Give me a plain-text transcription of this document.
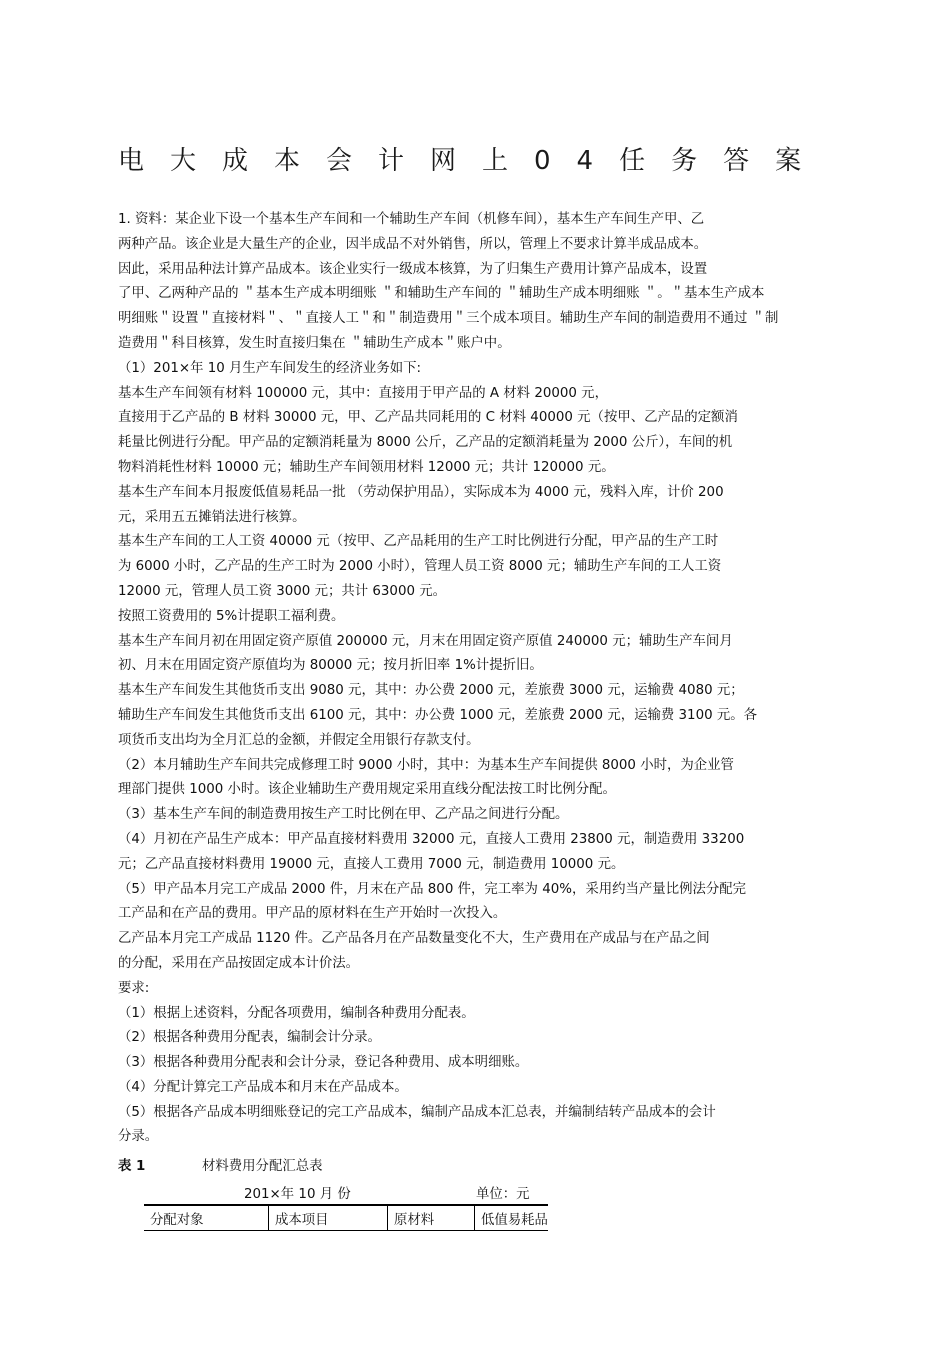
电大成本会计网上04任务答案
1. 资料：某企业下设一个基本生产车间和一个辅助生产车间（机修车间），基本生产车间生产甲、乙
两种产品。该企业是大量生产的企业，因半成品不对外销售，所以，管理上不要求计算半成品成本。
因此，采用品种法计算产品成本。该企业实行一级成本核算，为了归集生产费用计算产品成本，设置
了甲、乙两种产品的 ＂基本生产成本明细账 ＂和辅助生产车间的 ＂辅助生产成本明细账 ＂。＂基本生产成本
明细账＂设置＂直接材料＂、＂直接人工＂和＂制造费用＂三个成本项目。辅助生产车间的制造费用不通过 ＂制
造费用＂科目核算，发生时直接归集在 ＂辅助生产成本＂账户中。
（1）201×年 10 月生产车间发生的经济业务如下:
基本生产车间领有材料 100000 元，其中：直接用于甲产品的 A 材料 20000 元，
直接用于乙产品的 B 材料 30000 元，甲、乙产品共同耗用的 C 材料 40000 元（按甲、乙产品的定额消
耗量比例进行分配。甲产品的定额消耗量为 8000 公斤，乙产品的定额消耗量为 2000 公斤），车间的机
物料消耗性材料 10000 元；辅助生产车间领用材料 12000 元；共计 120000 元。
基本生产车间本月报废低值易耗品一批 （劳动保护用品），实际成本为 4000 元，残料入库，计价 200
元，采用五五摊销法进行核算。
基本生产车间的工人工资 40000 元（按甲、乙产品耗用的生产工时比例进行分配，甲产品的生产工时
为 6000 小时，乙产品的生产工时为 2000 小时），管理人员工资 8000 元；辅助生产车间的工人工资
12000 元，管理人员工资 3000 元；共计 63000 元。
按照工资费用的 5%计提职工福利费。
基本生产车间月初在用固定资产原值 200000 元，月末在用固定资产原值 240000 元；辅助生产车间月
初、月末在用固定资产原值均为 80000 元；按月折旧率 1%计提折旧。
基本生产车间发生其他货币支出 9080 元，其中：办公费 2000 元，差旅费 3000 元，运输费 4080 元；
辅助生产车间发生其他货币支出 6100 元，其中：办公费 1000 元，差旅费 2000 元，运输费 3100 元。各
项货币支出均为全月汇总的金额，并假定全用银行存款支付。
（2）本月辅助生产车间共完成修理工时 9000 小时，其中：为基本生产车间提供 8000 小时，为企业管
理部门提供 1000 小时。该企业辅助生产费用规定采用直线分配法按工时比例分配。
（3）基本生产车间的制造费用按生产工时比例在甲、乙产品之间进行分配。
（4）月初在产品生产成本：甲产品直接材料费用 32000 元，直接人工费用 23800 元，制造费用 33200
元；乙产品直接材料费用 19000 元，直接人工费用 7000 元，制造费用 10000 元。
（5）甲产品本月完工产成品 2000 件，月末在产品 800 件，完工率为 40%，采用约当产量比例法分配完
工产品和在产品的费用。甲产品的原材料在生产开始时一次投入。
乙产品本月完工产成品 1120 件。乙产品各月在产品数量变化不大，生产费用在产成品与在产品之间
的分配，采用在产品按固定成本计价法。
要求:
（1）根据上述资料，分配各项费用，编制各种费用分配表。
（2）根据各种费用分配表，编制会计分录。
（3）根据各种费用分配表和会计分录，登记各种费用、成本明细账。
（4）分配计算完工产品成本和月末在产品成本。
（5）根据各产品成本明细账登记的完工产品成本，编制产品成本汇总表，并编制结转产品成本的会计
分录。
表 1	材料费用分配汇总表
201×年 10 月 份	单位：元
分配对象	成本项目	原材料	低值易耗品
